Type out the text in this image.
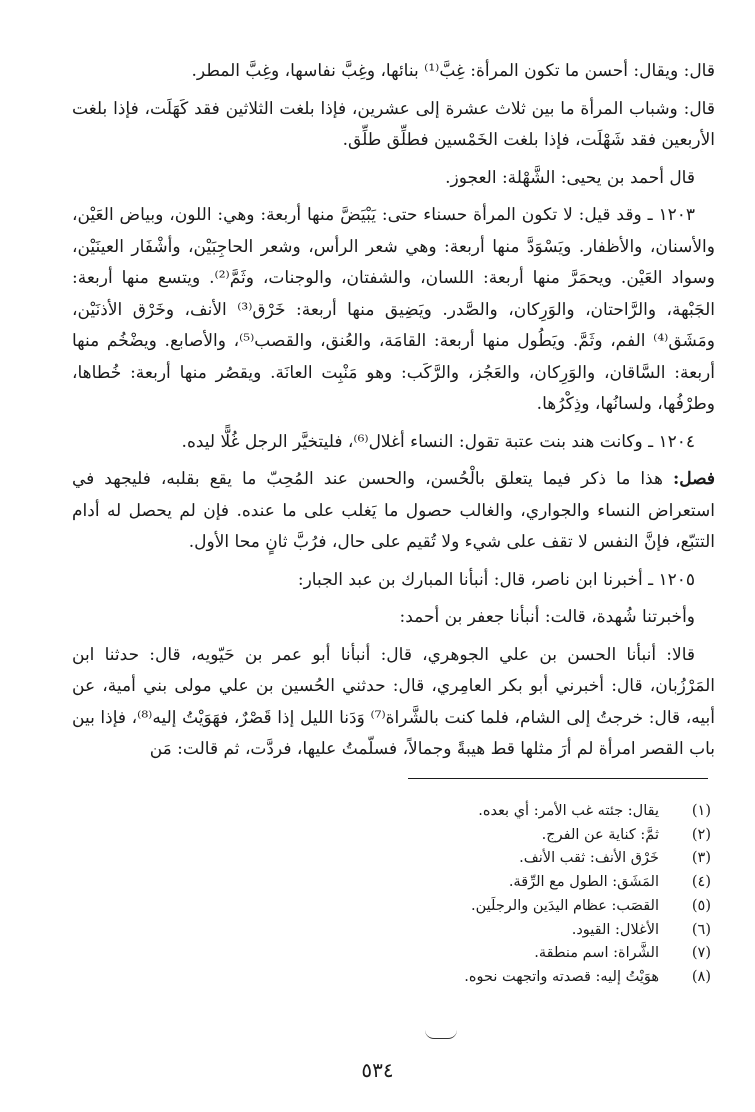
قال: ويقال: أحسن ما تكون المرأة: غِبَّ⁽¹⁾ بنائها، وغِبَّ نفاسها، وغِبَّ المطر.

قال: وشباب المرأة ما بين ثلاث عشرة إلى عشرين، فإذا بلغت الثلاثين فقد كَهَلَت، فإذا بلغت الأربعين فقد شَهْلَت، فإذا بلغت الخَمْسين فطلِّق طلِّق.

قال أحمد بن يحيى: الشَّهْلة: العجوز.

١٢٠٣ ـ وقد قيل: لا تكون المرأة حسناء حتى: يَبْيَضَّ منها أربعة: وهي: اللون، وبياض العَيْن، والأسنان، والأظفار. ويَسْوَدَّ منها أربعة: وهي شعر الرأس، وشعر الحاجِبَيْن، وأشْفَار العينَيْن، وسواد العَيْن. ويحمَرَّ منها أربعة: اللسان، والشفتان، والوجنات، وثَمَّ⁽²⁾. ويتسع منها أربعة: الجَبْهة، والرَّاحتان، والوَرِكان، والصَّدر. ويَضِيق منها أربعة: خَرْق⁽³⁾ الأنف، وخَرْق الأذنَيْن، ومَشَق⁽⁴⁾ الفم، وثَمَّ. ويَطُول منها أربعة: القامَة، والعُنق، والقصب⁽⁵⁾، والأصابع. ويضْخُم منها أربعة: السَّاقان، والوَرِكان، والعَجُز، والرَّكَب: وهو مَنْبِت العانَة. ويقصُر منها أربعة: خُطاها، وطرْفُها، ولسانُها، وذِكْرُها.

١٢٠٤ ـ وكانت هند بنت عتبة تقول: النساء أغلال⁽⁶⁾، فليتخيَّر الرجل غُلًّا ليده.

فصل: هذا ما ذكر فيما يتعلق بالْحُسن، والحسن عند المُحِبّ ما يقع بقلبه، فليجهد في استعراض النساء والجواري، والغالب حصول ما يَغلب على ما عنده. فإن لم يحصل له أدام التتبّع، فإنَّ النفس لا تقف على شيء ولا تُقيم على حال، فرُبَّ ثانٍ محا الأول.

١٢٠٥ ـ أخبرنا ابن ناصر، قال: أنبأنا المبارك بن عبد الجبار:

وأخبرتنا شُهدة، قالت: أنبأنا جعفر بن أحمد:

قالا: أنبأنا الحسن بن علي الجوهري، قال: أنبأنا أبو عمر بن حَيّويه، قال: حدثنا ابن المَرْزُبان، قال: أخبرني أبو بكر العامِري، قال: حدثني الحُسين بن علي مولى بني أمية، عن أبيه، قال: خرجتُ إلى الشام، فلما كنت بالشَّراة⁽⁷⁾ وَدَنا الليل إذا قَصْرٌ، فهَوَيْتُ إليه⁽⁸⁾، فإذا بين باب القصر امرأة لم أرَ مثلها قط هيبةً وجمالاً، فسلّمتُ عليها، فردَّت، ثم قالت: مَن

(١)
يقال: جئته غب الأمر: أي بعده.
(٢)
ثمَّ: كناية عن الفرج.
(٣)
خَرْق الأنف: ثقب الأنف.
(٤)
المَشَق: الطول مع الرِّقة.
(٥)
القصَب: عظام اليدَين والرجلَين.
(٦)
الأغلال: القيود.
(٧)
الشَّراة: اسم منطقة.
(٨)
هوَيْتُ إليه: قصدته واتجهت نحوه.
٥٣٤
